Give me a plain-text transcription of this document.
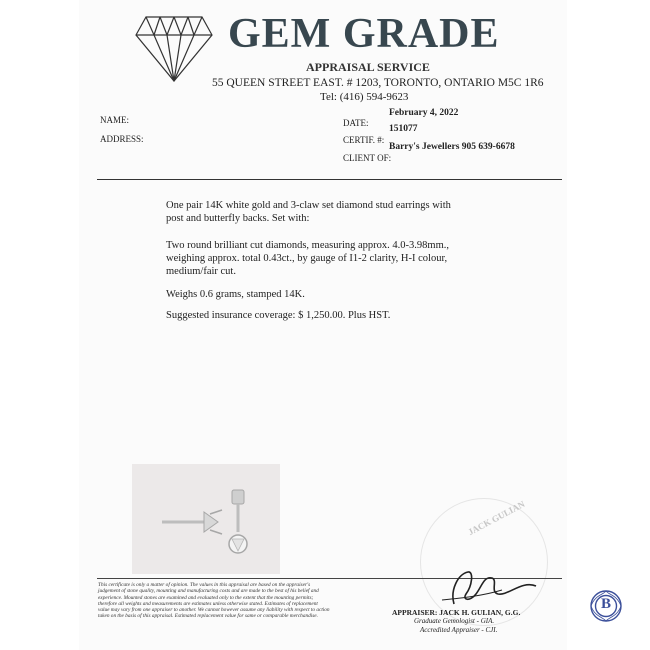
GEM GRADE
APPRAISAL SERVICE
55 QUEEN STREET EAST. # 1203, TORONTO, ONTARIO M5C 1R6
Tel: (416) 594-9623
NAME:
ADDRESS:
February 4, 2022
DATE:
151077
CERTIF. #:
Barry's Jewellers 905 639-6678
CLIENT OF:
One pair 14K white gold and 3-claw set diamond stud earrings with post and butterfly backs. Set with:
Two round brilliant cut diamonds, measuring approx. 4.0-3.98mm., weighing approx. total 0.43ct., by gauge of I1-2 clarity, H-I colour, medium/fair cut.
Weighs 0.6 grams, stamped 14K.
Suggested insurance coverage: $ 1,250.00. Plus HST.
JACK GULIAN
This certificate is only a matter of opinion. The values in this appraisal are based on the appraiser's judgement of stone quality, mounting and manufacturing costs and are made to the best of his belief and experience. Mounted stones are examined and evaluated only to the extent that the mounting permits; therefore all weights and measurements are estimates unless otherwise stated. Estimates of replacement value may vary from one appraiser to another. We cannot however assume any liability with respect to action taken on the basis of this appraisal. Estimated replacement value for same or comparable merchandise.	APPRAISER: JACK H. GULIAN, G.G.
Graduate Gemologist - GIA.
Accredited Appraiser - CJI.
B
